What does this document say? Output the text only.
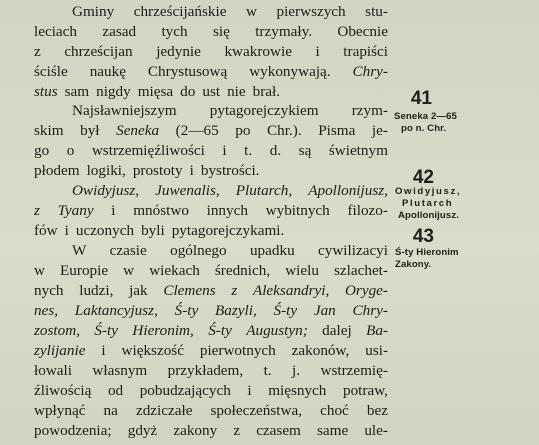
Gminy chrześcijańskie w pierwszych stu-
leciach zasad tych się trzymały. Obecnie
z chrześcijan jedynie kwakrowie i trapiści
ściśle naukę Chrystusową wykonywają. Chry-
stus sam nigdy mięsa do ust nie brał.
Najsławniejszym pytagorejczykiem rzym-
skim był Seneka (2—65 po Chr.). Pisma je-
go o wstrzemięźliwości i t. d. są świetnym
płodem logiki, prostoty i bystrości.
Owidyjusz, Juwenalis, Plutarch, Apollonijusz,
z Tyany i mnóstwo innych wybitnych filozo-
fów i uczonych byli pytagorejczykami.
W czasie ogólnego upadku cywilizacyi
w Europie w wiekach średnich, wielu szlachet-
nych ludzi, jak Clemens z Aleksandryi, Oryge-
nes, Laktancyjusz, Ś-ty Bazyli, Ś-ty Jan Chry-
zostom, Ś-ty Hieronim, Ś-ty Augustyn; dalej Ba-
zylijanie i większość pierwotnych zakonów, usi-
łowali własnym przykładem, t. j. wstrzemię-
źliwością od pobudzających i mięsnych potraw,
wpłynąć na zdziczałe społeczeństwa, choć bez
powodzenia; gdyż zakony z czasem same ule-
41
Seneka 2—65
po n. Chr.
42
Owidyjusz,
Plutarch
Apollonijusz.
43
Ś-ty Hieronim
Zakony.
